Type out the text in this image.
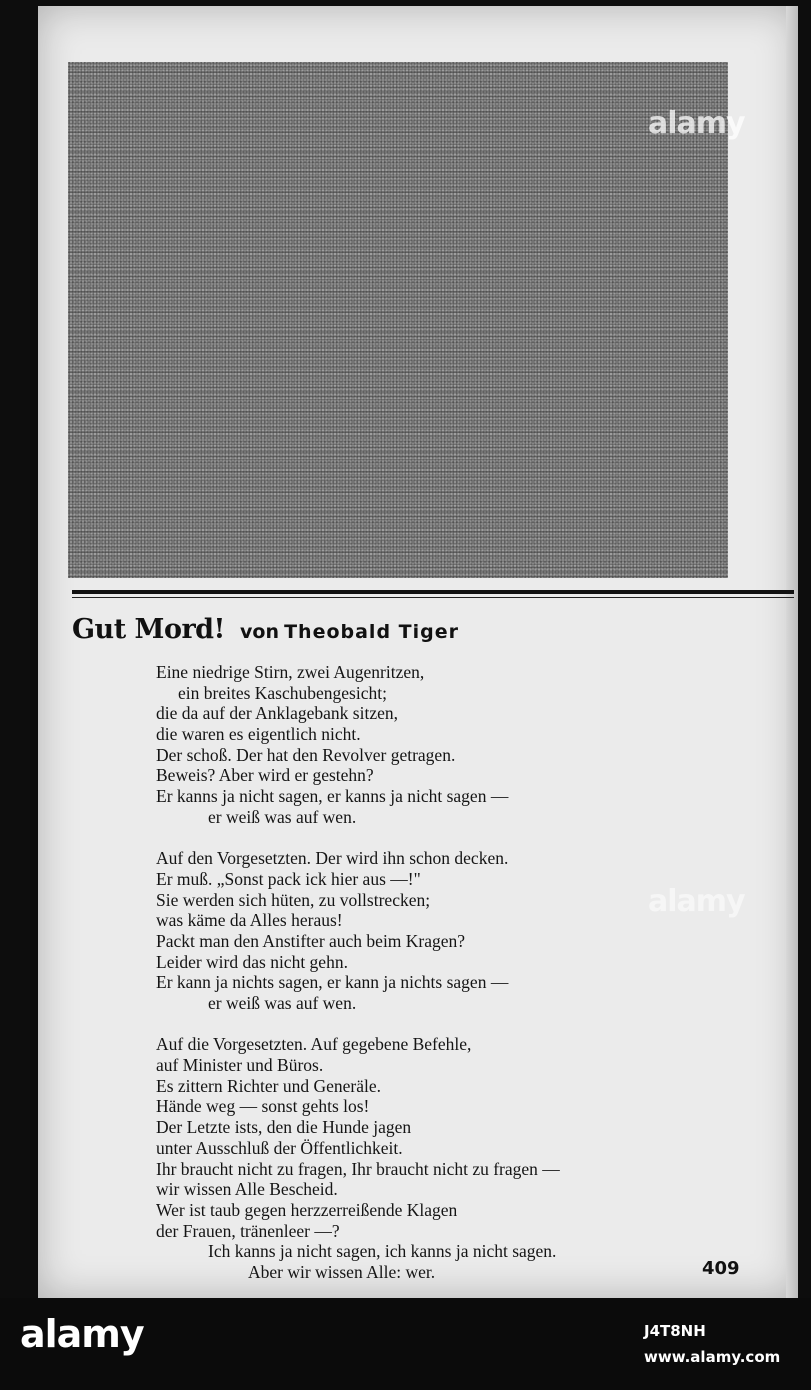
alamy
alamy
Gut Mord! von Theobald Tiger
Eine niedrige Stirn, zwei Augenritzen,
ein breites Kaschubengesicht;
die da auf der Anklagebank sitzen,
die waren es eigentlich nicht.
Der schoß. Der hat den Revolver getragen.
Beweis? Aber wird er gestehn?
Er kanns ja nicht sagen, er kanns ja nicht sagen —
er weiß was auf wen.
Auf den Vorgesetzten. Der wird ihn schon decken.
Er muß. „Sonst pack ick hier aus —!"
Sie werden sich hüten, zu vollstrecken;
was käme da Alles heraus!
Packt man den Anstifter auch beim Kragen?
Leider wird das nicht gehn.
Er kann ja nichts sagen, er kann ja nichts sagen —
er weiß was auf wen.
Auf die Vorgesetzten. Auf gegebene Befehle,
auf Minister und Büros.
Es zittern Richter und Generäle.
Hände weg — sonst gehts los!
Der Letzte ists, den die Hunde jagen
unter Ausschluß der Öffentlichkeit.
Ihr braucht nicht zu fragen, Ihr braucht nicht zu fragen —
wir wissen Alle Bescheid.
Wer ist taub gegen herzzerreißende Klagen
der Frauen, tränenleer —?
Ich kanns ja nicht sagen, ich kanns ja nicht sagen.
Aber wir wissen Alle: wer.	409
alamy	J4T8NH
www.alamy.com
